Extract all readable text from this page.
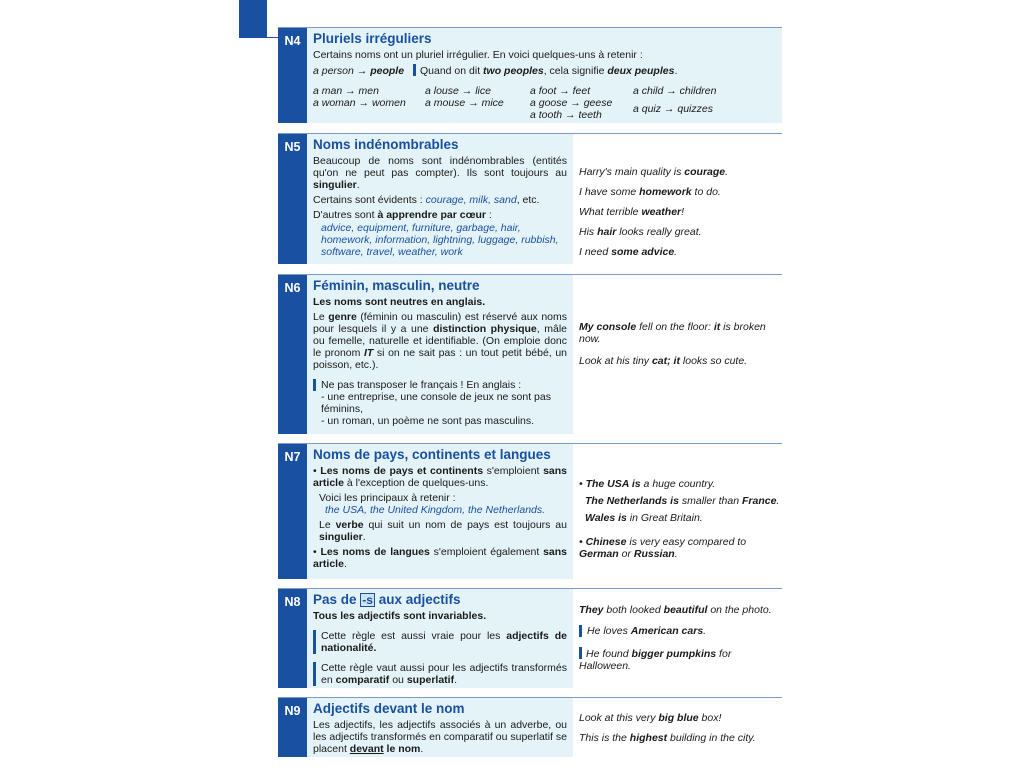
N4 Pluriels irréguliers
Certains noms ont un pluriel irrégulier. En voici quelques-uns à retenir :
a person → people Quand on dit two peoples, cela signifie deux peuples.
a man → men
a woman → women
a louse → lice
a mouse → mice
a foot → feet
a goose → geese
a tooth → teeth
a child → children
a quiz → quizzes
N5 Noms indénombrables
Beaucoup de noms sont indénombrables (entités qu'on ne peut pas compter). Ils sont toujours au singulier.
Certains sont évidents : courage, milk, sand, etc.
D'autres sont à apprendre par cœur :
advice, equipment, furniture, garbage, hair, homework, information, lightning, luggage, rubbish, software, travel, weather, work
Harry's main quality is courage.
I have some homework to do.
What terrible weather!
His hair looks really great.
I need some advice.
N6 Féminin, masculin, neutre
Les noms sont neutres en anglais.
Le genre (féminin ou masculin) est réservé aux noms pour lesquels il y a une distinction physique, mâle ou femelle, naturelle et identifiable. (On emploie donc le pronom IT si on ne sait pas : un tout petit bébé, un poisson, etc.).
Ne pas transposer le français ! En anglais :
- une entreprise, une console de jeux ne sont pas féminins,
- un roman, un poème ne sont pas masculins.
My console fell on the floor: it is broken now.
Look at his tiny cat; it looks so cute.
N7 Noms de pays, continents et langues
• Les noms de pays et continents s'emploient sans article à l'exception de quelques-uns.
Voici les principaux à retenir :
the USA, the United Kingdom, the Netherlands.
Le verbe qui suit un nom de pays est toujours au singulier.
• Les noms de langues s'emploient également sans article.
• The USA is a huge country.
The Netherlands is smaller than France.
Wales is in Great Britain.
• Chinese is very easy compared to German or Russian.
N8 Pas de -s aux adjectifs
Tous les adjectifs sont invariables.
Cette règle est aussi vraie pour les adjectifs de nationalité.
Cette règle vaut aussi pour les adjectifs transformés en comparatif ou superlatif.
They both looked beautiful on the photo.
He loves American cars.
He found bigger pumpkins for Halloween.
N9 Adjectifs devant le nom
Les adjectifs, les adjectifs associés à un adverbe, ou les adjectifs transformés en comparatif ou superlatif se placent devant le nom.
Look at this very big blue box!
This is the highest building in the city.
